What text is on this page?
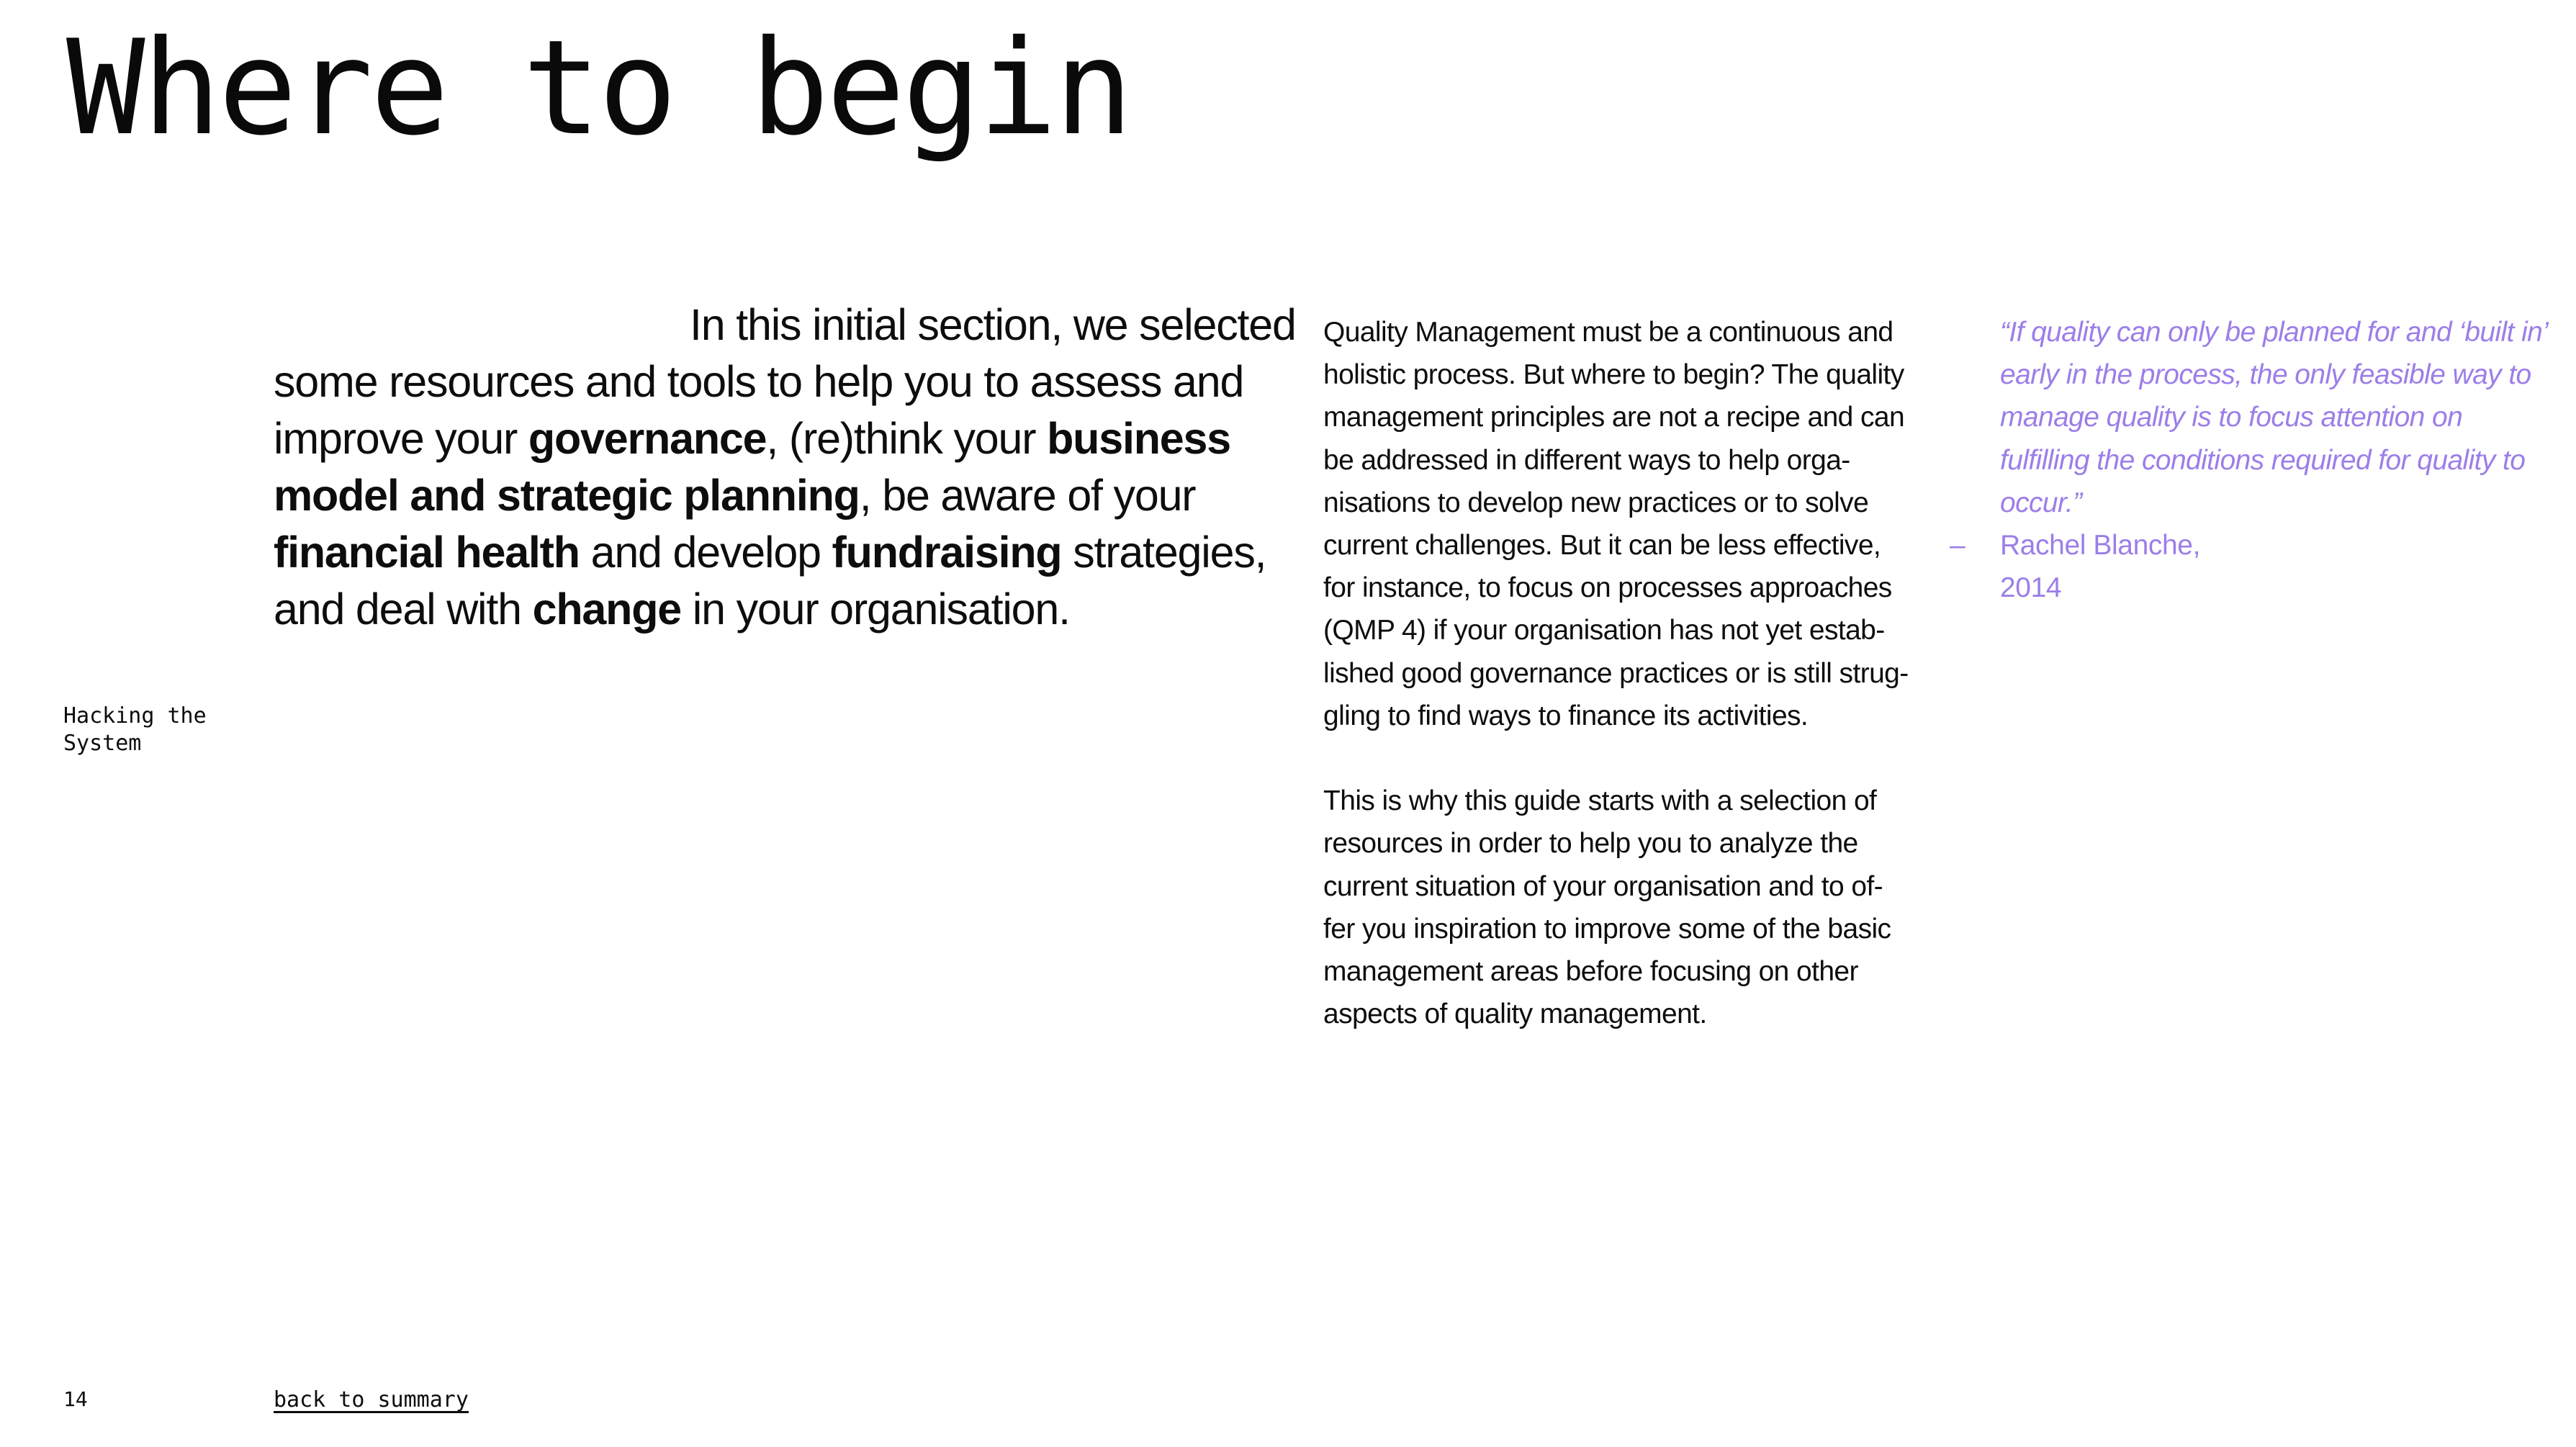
Where to begin

In this initial section, we selected some resources and tools to help you to assess and improve your governance, (re)think your business model and strategic planning, be aware of your financial health and develop fundraising strategies, and deal with change in your organisation.

Quality Management must be a continuous and holistic process. But where to begin? The quality management principles are not a recipe and can be addressed in different ways to help orga-nisations to develop new practices or to solve current challenges. But it can be less effective, for instance, to focus on processes approaches (QMP 4) if your organisation has not yet estab-lished good governance practices or is still strug-gling to find ways to finance its activities.

This is why this guide starts with a selection of resources in order to help you to analyze the current situation of your organisation and to of-fer you inspiration to improve some of the basic management areas before focusing on other aspects of quality management.

“If quality can only be planned for and ‘built in’ early in the process, the only feasible way to manage quality is to focus attention on fulfilling the conditions required for quality to occur.”

– Rachel Blanche,
2014
Hacking the
System
14	back to summary
